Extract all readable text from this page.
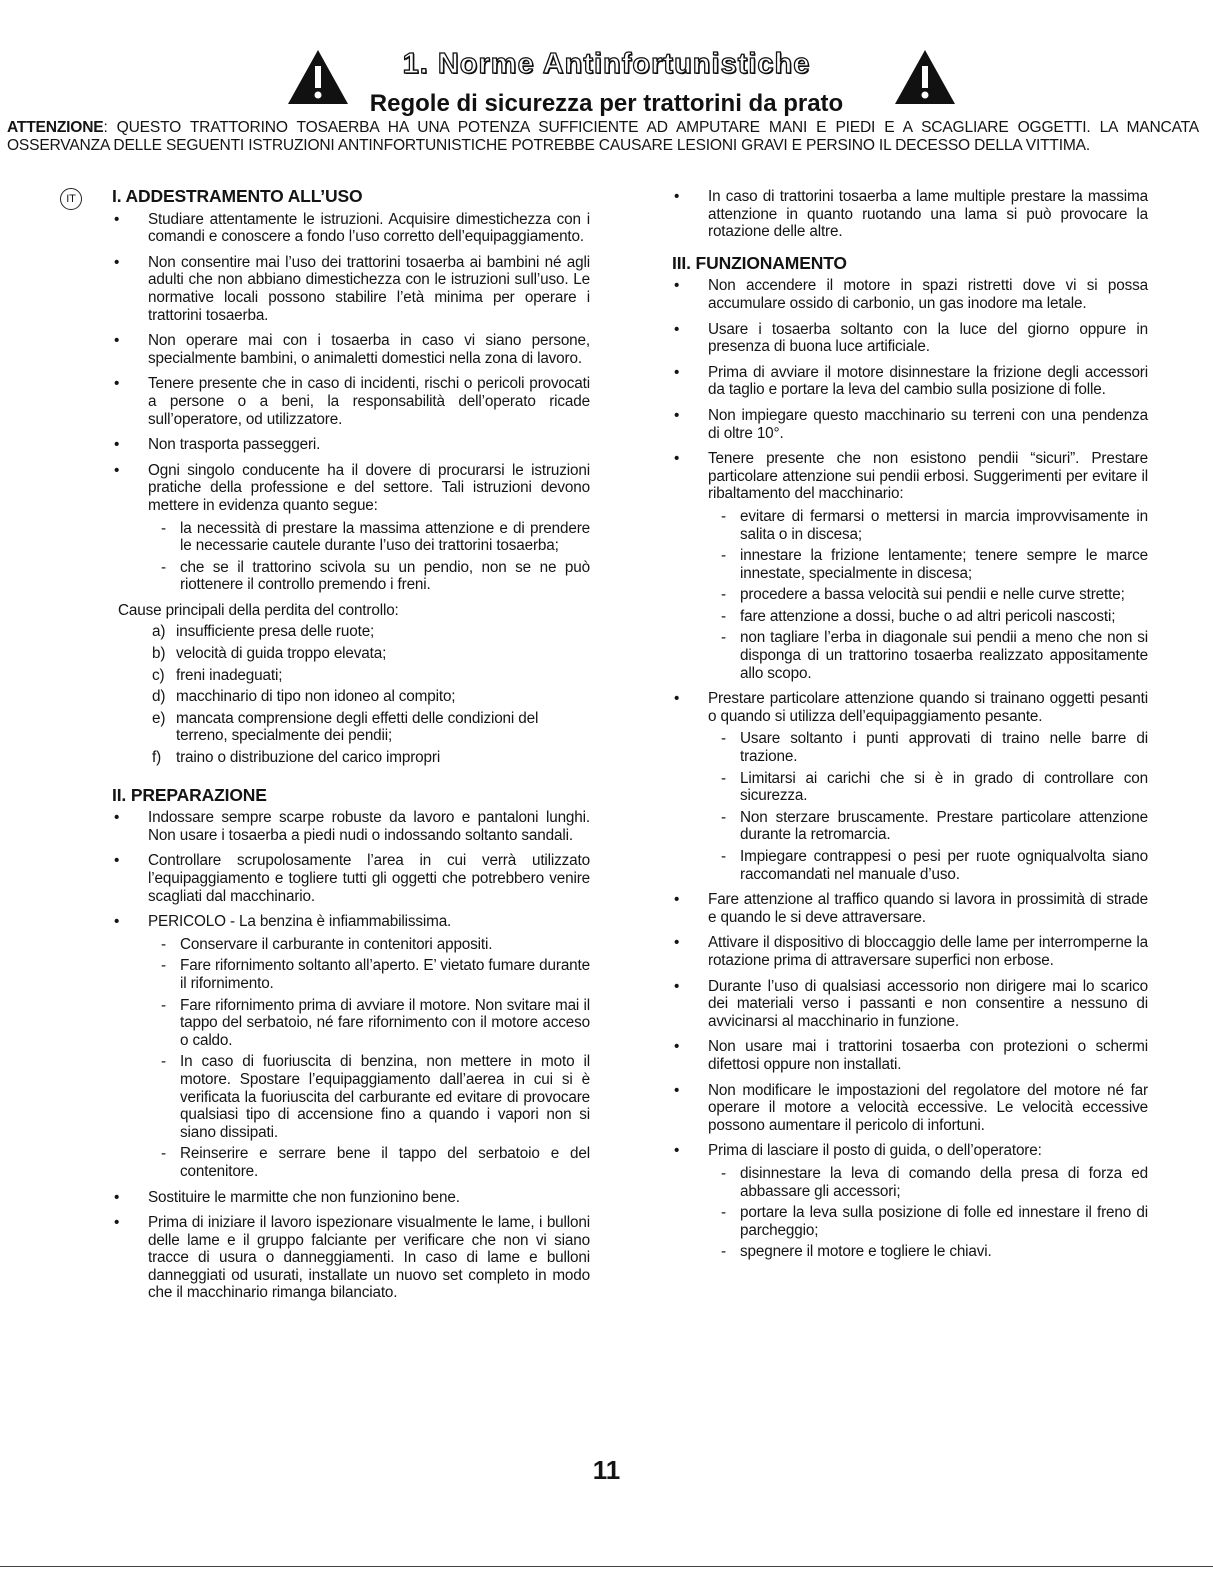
1. Norme Antinfortunistiche
Regole di sicurezza per trattorini da prato
ATTENZIONE: QUESTO TRATTORINO TOSAERBA HA UNA POTENZA SUFFICIENTE AD AMPUTARE MANI E PIEDI E A SCAGLIARE OGGETTI. LA MANCATA OSSERVANZA DELLE SEGUENTI ISTRUZIONI ANTINFORTUNISTICHE POTREBBE CAUSARE LESIONI GRAVI E PERSINO IL DECESSO DELLA VITTIMA.
IT	I. ADDESTRAMENTO ALL’USO
• Studiare attentamente le istruzioni. Acquisire dimestichezza con i comandi e conoscere a fondo l’uso corretto dell’equipaggiamento.
• Non consentire mai l’uso dei trattorini tosaerba ai bambini né agli adulti che non abbiano dimestichezza con le istruzioni sull’uso. Le normative locali possono stabilire l’età minima per operare i trattorini tosaerba.
• Non operare mai con i tosaerba in caso vi siano persone, specialmente bambini, o animaletti domestici nella zona di lavoro.
• Tenere presente che in caso di incidenti, rischi o pericoli provocati a persone o a beni, la responsabilità dell’operato ricade sull’operatore, od utilizzatore.
• Non trasporta passeggeri.
• Ogni singolo conducente ha il dovere di procurarsi le istruzioni pratiche della professione e del settore. Tali istruzioni devono mettere in evidenza quanto segue:
- la necessità di prestare la massima attenzione e di prendere le necessarie cautele durante l’uso dei trattorini tosaerba;
- che se il trattorino scivola su un pendio, non se ne può riottenere il controllo premendo i freni.
Cause principali della perdita del controllo:
a) insufficiente presa delle ruote;
b) velocità di guida troppo elevata;
c) freni inadeguati;
d) macchinario di tipo non idoneo al compito;
e) mancata comprensione degli effetti delle condizioni del terreno, specialmente dei pendii;
f) traino o distribuzione del carico impropri
II. PREPARAZIONE
• Indossare sempre scarpe robuste da lavoro e pantaloni lunghi. Non usare i tosaerba a piedi nudi o indossando soltanto sandali.
• Controllare scrupolosamente l’area in cui verrà utilizzato l’equipaggiamento e togliere tutti gli oggetti che potrebbero venire scagliati dal macchinario.
• PERICOLO - La benzina è infiammabilissima.
- Conservare il carburante in contenitori appositi.
- Fare rifornimento soltanto all’aperto. E’ vietato fumare durante il rifornimento.
- Fare rifornimento prima di avviare il motore. Non svitare mai il tappo del serbatoio, né fare rifornimento con il motore acceso o caldo.
- In caso di fuoriuscita di benzina, non mettere in moto il motore. Spostare l’equipaggiamento dall’aerea in cui si è verificata la fuoriuscita del carburante ed evitare di provocare qualsiasi tipo di accensione fino a quando i vapori non si siano dissipati.
- Reinserire e serrare bene il tappo del serbatoio e del contenitore.
• Sostituire le marmitte che non funzionino bene.
• Prima di iniziare il lavoro ispezionare visualmente le lame, i bulloni delle lame e il gruppo falciante per verificare che non vi siano tracce di usura o danneggiamenti. In caso di lame e bulloni danneggiati od usurati, installate un nuovo set completo in modo che il macchinario rimanga bilanciato.
• In caso di trattorini tosaerba a lame multiple prestare la massima attenzione in quanto ruotando una lama si può provocare la rotazione delle altre.
III. FUNZIONAMENTO
• Non accendere il motore in spazi ristretti dove vi si possa accumulare ossido di carbonio, un gas inodore ma letale.
• Usare i tosaerba soltanto con la luce del giorno oppure in presenza di buona luce artificiale.
• Prima di avviare il motore disinnestare la frizione degli accessori da taglio e portare la leva del cambio sulla posizione di folle.
• Non impiegare questo macchinario su terreni con una pendenza di oltre 10°.
• Tenere presente che non esistono pendii “sicuri”. Prestare particolare attenzione sui pendii erbosi. Suggerimenti per evitare il ribaltamento del macchinario:
- evitare di fermarsi o mettersi in marcia improvvisamente in salita o in discesa;
- innestare la frizione lentamente; tenere sempre le marce innestate, specialmente in discesa;
- procedere a bassa velocità sui pendii e nelle curve strette;
- fare attenzione a dossi, buche o ad altri pericoli nascosti;
- non tagliare l’erba in diagonale sui pendii a meno che non si disponga di un trattorino tosaerba realizzato appositamente allo scopo.
• Prestare particolare attenzione quando si trainano oggetti pesanti o quando si utilizza dell’equipaggiamento pesante.
- Usare soltanto i punti approvati di traino nelle barre di trazione.
- Limitarsi ai carichi che si è in grado di controllare con sicurezza.
- Non sterzare bruscamente. Prestare particolare attenzione durante la retromarcia.
- Impiegare contrappesi o pesi per ruote ogniqualvolta siano raccomandati nel manuale d’uso.
• Fare attenzione al traffico quando si lavora in prossimità di strade e quando le si deve attraversare.
• Attivare il dispositivo di bloccaggio delle lame per interromperne la rotazione prima di attraversare superfici non erbose.
• Durante l’uso di qualsiasi accessorio non dirigere mai lo scarico dei materiali verso i passanti e non consentire a nessuno di avvicinarsi al macchinario in funzione.
• Non usare mai i trattorini tosaerba con protezioni o schermi difettosi oppure non installati.
• Non modificare le impostazioni del regolatore del motore né far operare il motore a velocità eccessive. Le velocità eccessive possono aumentare il pericolo di infortuni.
• Prima di lasciare il posto di guida, o dell’operatore:
- disinnestare la leva di comando della presa di forza ed abbassare gli accessori;
- portare la leva sulla posizione di folle ed innestare il freno di parcheggio;
- spegnere il motore e togliere le chiavi.
11
